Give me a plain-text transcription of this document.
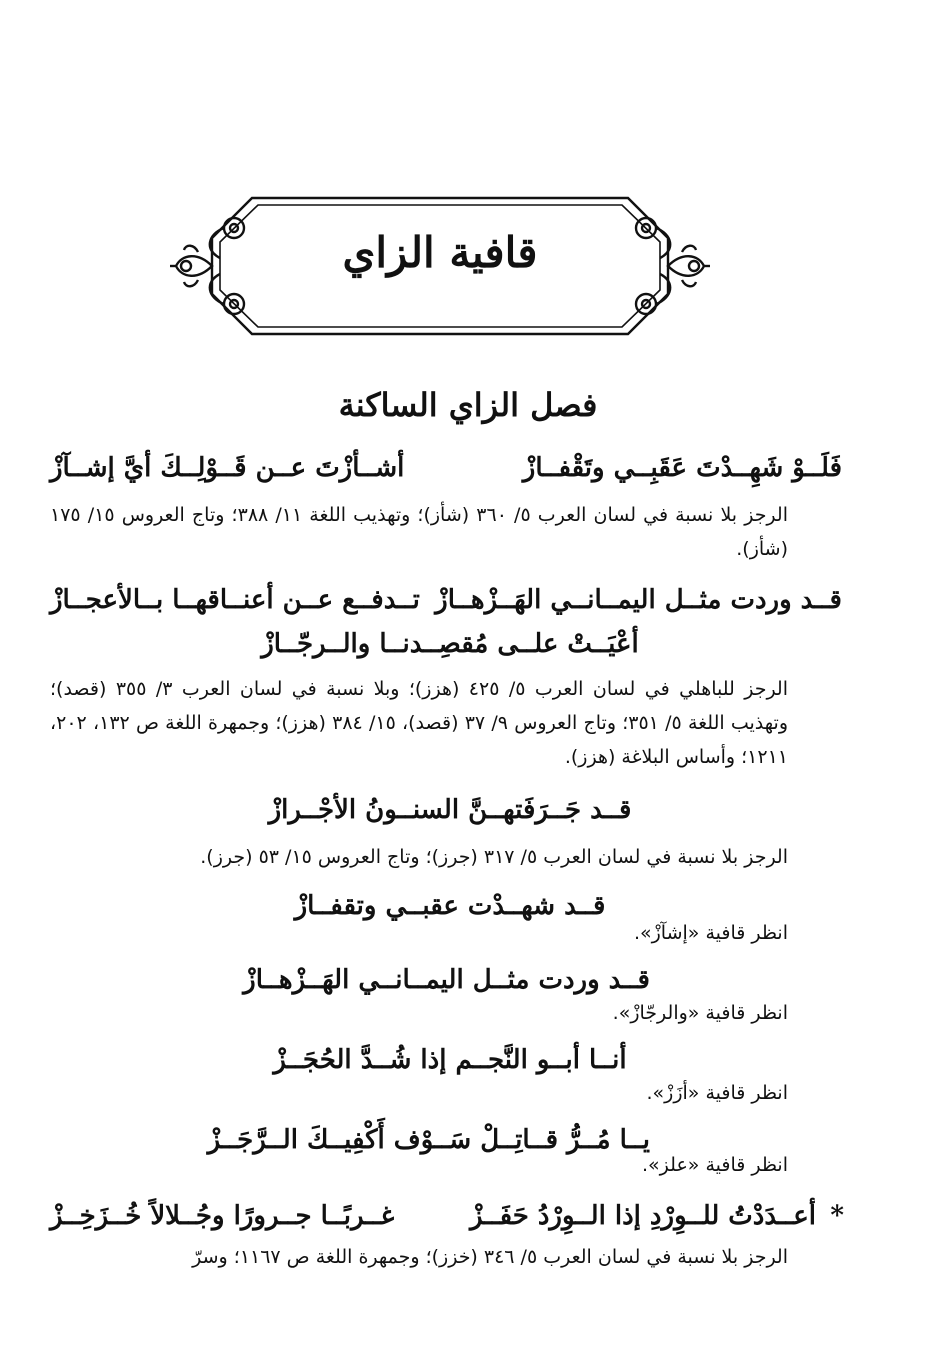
قافية الزاي
فصل الزاي الساكنة
فَلَــوْ شَهِــدْتَ عَقَبِــي وتَقْفــازْ
أشــأزْتَ عــن قَــوْلِــكَ أيَّ إشــآزْ
الرجز بلا نسبة في لسان العرب ٥/ ٣٦٠ (شأز)؛ وتهذيب اللغة ١١/ ٣٨٨؛ وتاج العروس ١٥/ ١٧٥ (شأز).
قــد وردت مثــل اليمــانــي الهَــزْهــازْ
تــدفــع عــن أعنــاقهــا بــالأعجــازْ
أعْيَــتْ علــى مُقصِــدنــا والــرجّــازْ
الرجز للباهلي في لسان العرب ٥/ ٤٢٥ (هزز)؛ وبلا نسبة في لسان العرب ٣/ ٣٥٥ (قصد)؛ وتهذيب اللغة ٥/ ٣٥١؛ وتاج العروس ٩/ ٣٧ (قصد)، ١٥/ ٣٨٤ (هزز)؛ وجمهرة اللغة ص ١٣٢، ٢٠٢، ١٢١١؛ وأساس البلاغة (هزز).
قــد جَــرَفَتهــنَّ السنــونُ الأجْــرازْ
الرجز بلا نسبة في لسان العرب ٥/ ٣١٧ (جرز)؛ وتاج العروس ١٥/ ٥٣ (جرز).
قــد شهــدْت عقبــي وتقفــازْ
انظر قافية «إشآزْ».
قــد وردت مثــل اليمــانــي الهَــزْهــازْ
انظر قافية «والرجّازْ».
أنــا أبــو النَّجــم إذا شُــدَّ الحُجَــزْ
انظر قافية «أزَزْ».
يــا مُــرُّ قــاتِــلْ سَــوْف أَكْفِيــكَ الــرَّجَــزْ
انظر قافية «علز».
*
أعــدَدْتُ للــوِرْدِ إذا الــوِرْدُ حَفَــزْ
غــربًــا جــرورًا وجُــلالاً خُــزَخِــزْ
الرجز بلا نسبة في لسان العرب ٥/ ٣٤٦ (خزز)؛ وجمهرة اللغة ص ١١٦٧؛ وسرّ
